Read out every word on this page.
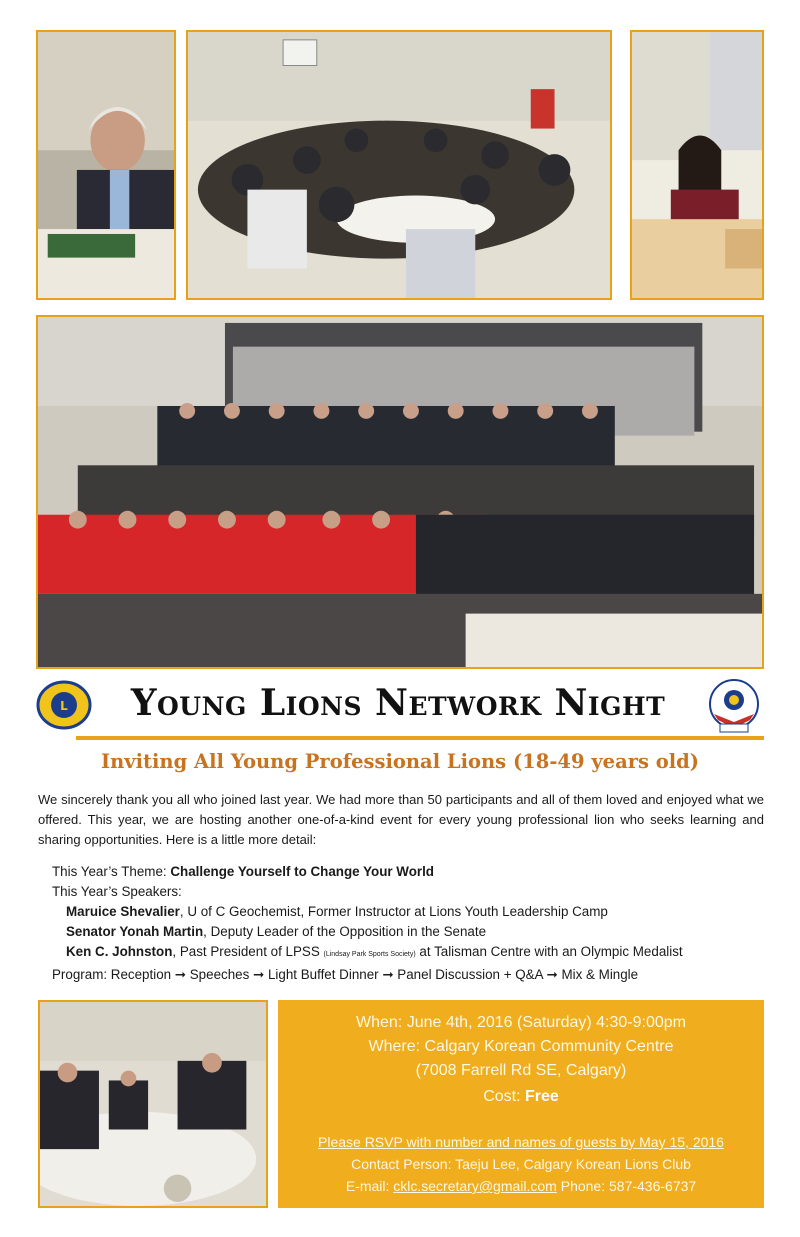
L	Young Lions Network Night
Inviting All Young Professional Lions (18-49 years old)
We sincerely thank you all who joined last year. We had more than 50 participants and all of them loved and enjoyed what we offered. This year, we are hosting another one-of-a-kind event for every young professional lion who seeks learning and sharing opportunities. Here is a little more detail:
This Year’s Theme: Challenge Yourself to Change Your World
This Year’s Speakers:
Maruice Shevalier, U of C Geochemist, Former Instructor at Lions Youth Leadership Camp
Senator Yonah Martin, Deputy Leader of the Opposition in the Senate
Ken C. Johnston, Past President of LPSS (Lindsay Park Sports Society) at Talisman Centre with an Olympic Medalist
Program: Reception ➞ Speeches ➞ Light Buffet Dinner ➞ Panel Discussion + Q&A ➞ Mix & Mingle
When: June 4th, 2016 (Saturday) 4:30-9:00pm
Where: Calgary Korean Community Centre
(7008 Farrell Rd SE, Calgary)
Cost: Free
Please RSVP with number and names of guests by May 15, 2016
Contact Person: Taeju Lee, Calgary Korean Lions Club
E-mail: cklc.secretary@gmail.com Phone: 587-436-6737
